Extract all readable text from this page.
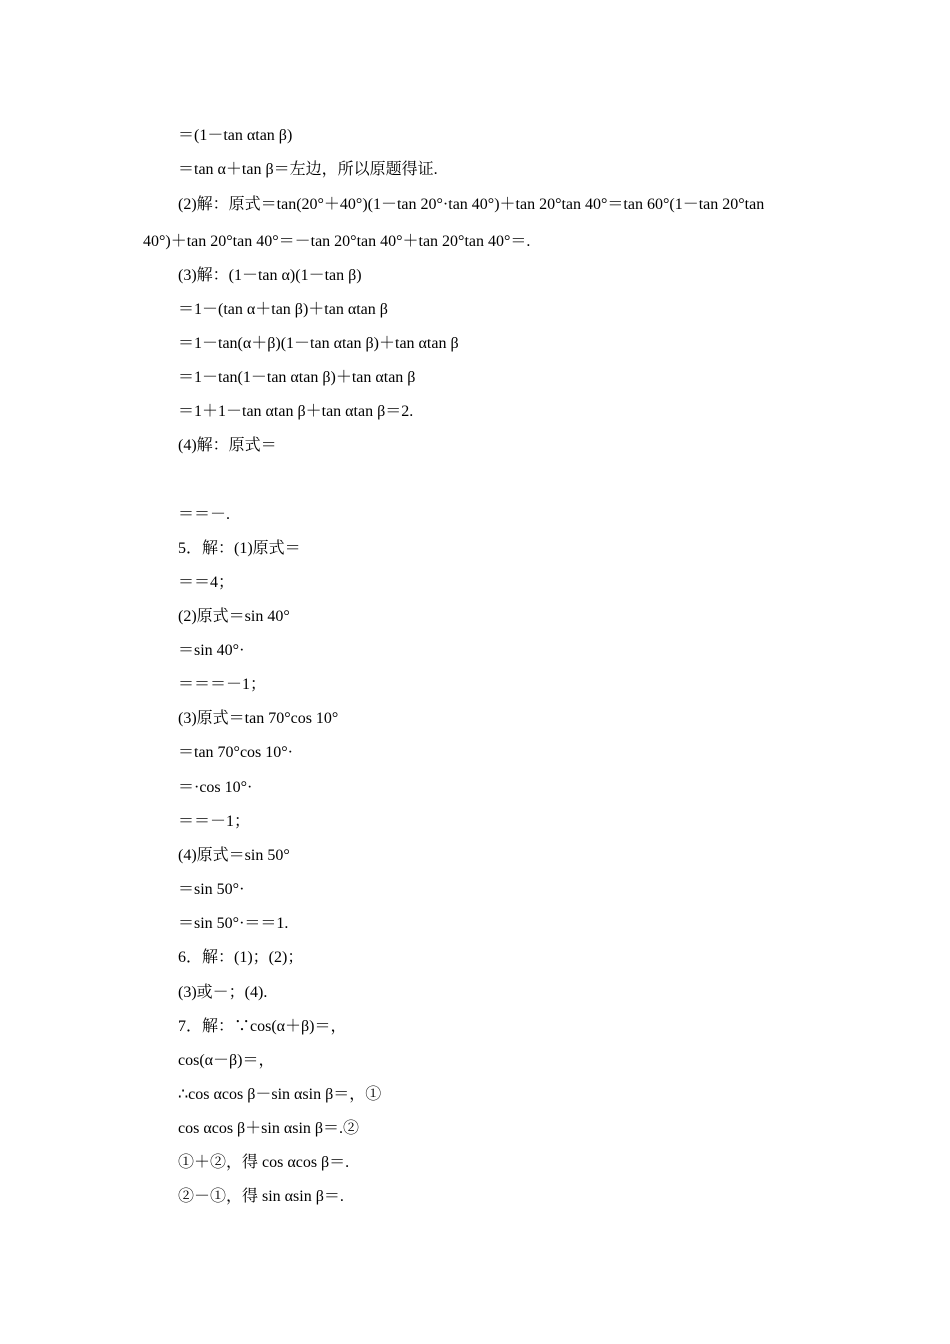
＝(1－tan αtan β)
＝tan α＋tan β＝左边，所以原题得证.
(2)解：原式＝tan(20°＋40°)(1－tan 20°·tan 40°)＋tan 20°tan 40°＝tan 60°(1－tan 20°tan
40°)＋tan 20°tan 40°＝－tan 20°tan 40°＋tan 20°tan 40°＝.
(3)解：(1－tan α)(1－tan β)
＝1－(tan α＋tan β)＋tan αtan β
＝1－tan(α＋β)(1－tan αtan β)＋tan αtan β
＝1－tan(1－tan αtan β)＋tan αtan β
＝1＋1－tan αtan β＋tan αtan β＝2.
(4)解：原式＝
＝＝－.
5．解：(1)原式＝
＝＝4；
(2)原式＝sin 40°
＝sin 40°·
＝＝＝－1；
(3)原式＝tan 70°cos 10°
＝tan 70°cos 10°·
＝·cos 10°·
＝＝－1；
(4)原式＝sin 50°
＝sin 50°·
＝sin 50°·＝＝1.
6．解：(1)；(2)；
(3)或－；(4).
7．解：∵cos(α＋β)＝，
cos(α－β)＝，
∴cos αcos β－sin αsin β＝，①
cos αcos β＋sin αsin β＝.②
①＋②，得 cos αcos β＝.
②－①，得 sin αsin β＝.
